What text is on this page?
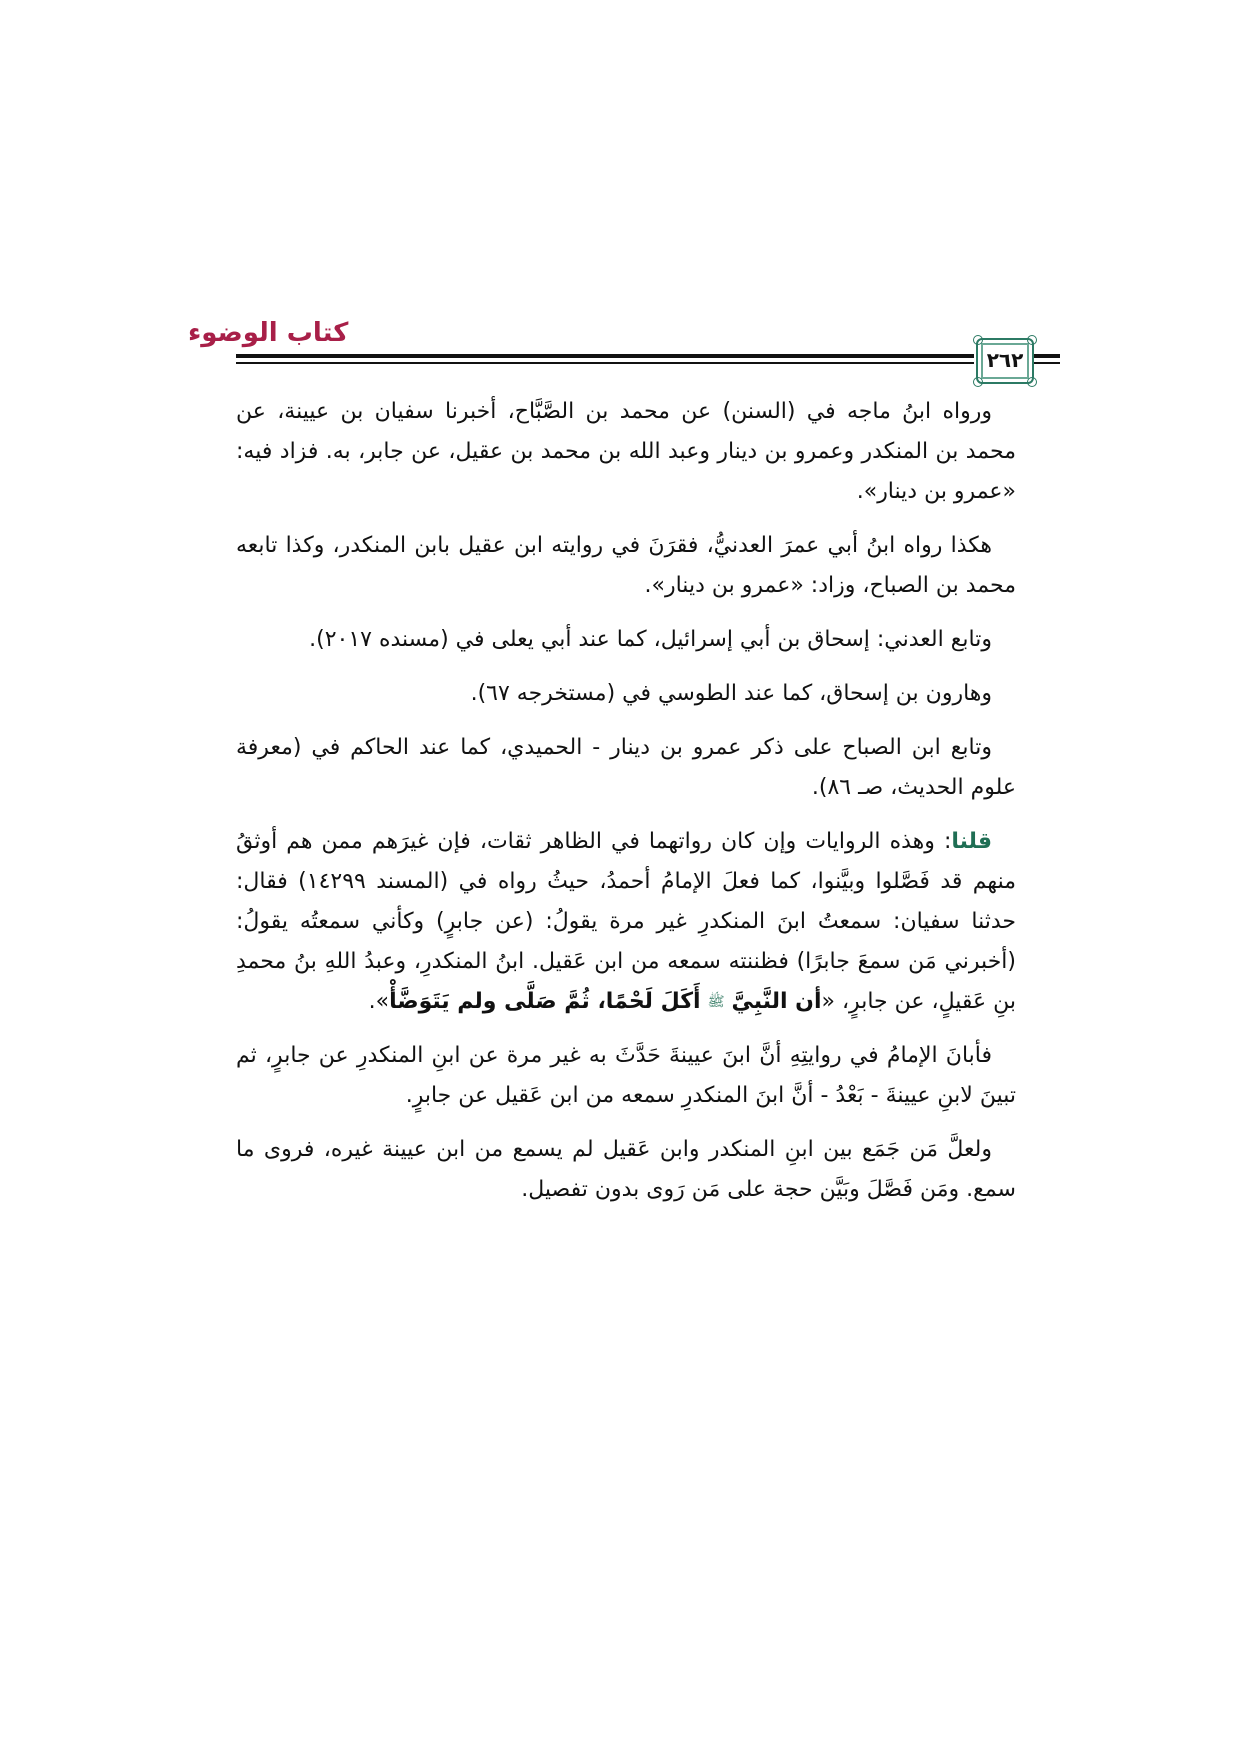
كتاب الوضوء
٢٦٢

ورواه ابنُ ماجه في (السنن) عن محمد بن الصَّبَّاح، أخبرنا سفيان بن عيينة، عن محمد بن المنكدر وعمرو بن دينار وعبد الله بن محمد بن عقيل، عن جابر، به. فزاد فيه: «عمرو بن دينار».

هكذا رواه ابنُ أبي عمرَ العدنيُّ، فقرَنَ في روايته ابن عقيل بابن المنكدر، وكذا تابعه محمد بن الصباح، وزاد: «عمرو بن دينار».

وتابع العدني: إسحاق بن أبي إسرائيل، كما عند أبي يعلى في (مسنده ٢٠١٧).

وهارون بن إسحاق، كما عند الطوسي في (مستخرجه ٦٧).

وتابع ابن الصباح على ذكر عمرو بن دينار - الحميدي، كما عند الحاكم في (معرفة علوم الحديث، صـ ٨٦).

قلنا: وهذه الروايات وإن كان رواتهما في الظاهر ثقات، فإن غيرَهم ممن هم أوثقُ منهم قد فَصَّلوا وبيَّنوا، كما فعلَ الإمامُ أحمدُ، حيثُ رواه في (المسند ١٤٢٩٩) فقال: حدثنا سفيان: سمعتُ ابنَ المنكدرِ غير مرة يقولُ: (عن جابرٍ) وكأني سمعتُه يقولُ: (أخبرني مَن سمعَ جابرًا) فظننته سمعه من ابن عَقيل. ابنُ المنكدرِ، وعبدُ اللهِ بنُ محمدِ بنِ عَقيلٍ، عن جابرٍ، «أن النَّبِيَّ ﷺ أَكَلَ لَحْمًا، ثُمَّ صَلَّى ولم يَتَوَضَّأْ».

فأبانَ الإمامُ في روايتِهِ أنَّ ابنَ عيينةَ حَدَّثَ به غير مرة عن ابنِ المنكدرِ عن جابرٍ، ثم تبينَ لابنِ عيينةَ - بَعْدُ - أنَّ ابنَ المنكدرِ سمعه من ابن عَقيل عن جابرٍ.

ولعلَّ مَن جَمَع بين ابنِ المنكدر وابن عَقيل لم يسمع من ابن عيينة غيره، فروى ما سمع. ومَن فَصَّلَ وبَيَّن حجة على مَن رَوى بدون تفصيل.
